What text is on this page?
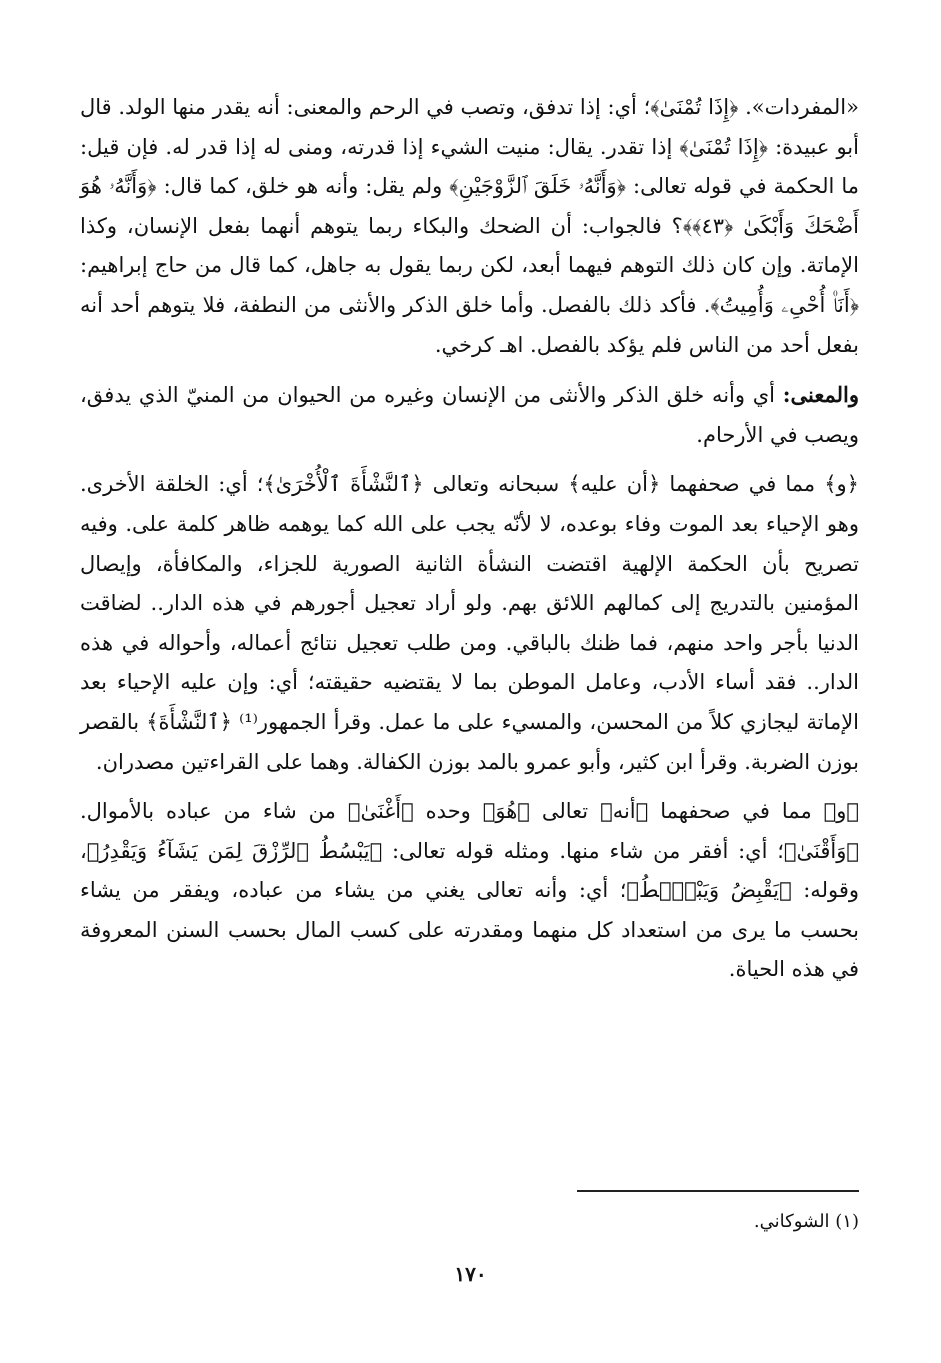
«المفردات». ﴿إِذَا تُمْنَىٰ﴾؛ أي: إذا تدفق، وتصب في الرحم والمعنى: أنه يقدر منها الولد. قال أبو عبيدة: ﴿إِذَا تُمْنَىٰ﴾ إذا تقدر. يقال: منيت الشيء إذا قدرته، ومنى له إذا قدر له. فإن قيل: ما الحكمة في قوله تعالى: ﴿وَأَنَّهُۥ خَلَقَ ٱلزَّوْجَيْنِ﴾ ولم يقل: وأنه هو خلق، كما قال: ﴿وَأَنَّهُۥ هُوَ أَضْحَكَ وَأَبْكَىٰ ﴿٤٣﴾﴾؟ فالجواب: أن الضحك والبكاء ربما يتوهم أنهما بفعل الإنسان، وكذا الإماتة. وإن كان ذلك التوهم فيهما أبعد، لكن ربما يقول به جاهل، كما قال من حاج إبراهيم: ﴿أَنَا۠ أُحْىِۦ وَأُمِيتُ﴾. فأكد ذلك بالفصل. وأما خلق الذكر والأنثى من النطفة، فلا يتوهم أحد أنه بفعل أحد من الناس فلم يؤكد بالفصل. اهـ كرخي.

والمعنى: أي وأنه خلق الذكر والأنثى من الإنسان وغيره من الحيوان من المنيّ الذي يدفق، ويصب في الأرحام.

﴿و﴾ مما في صحفهما ﴿أن عليه﴾ سبحانه وتعالى ﴿ٱلنَّشْأَةَ ٱلْأُخْرَىٰ﴾؛ أي: الخلقة الأخرى. وهو الإحياء بعد الموت وفاء بوعده، لا لأنّه يجب على الله كما يوهمه ظاهر كلمة على. وفيه تصريح بأن الحكمة الإلهية اقتضت النشأة الثانية الصورية للجزاء، والمكافأة، وإيصال المؤمنين بالتدريج إلى كمالهم اللائق بهم. ولو أراد تعجيل أجورهم في هذه الدار.. لضاقت الدنيا بأجر واحد منهم، فما ظنك بالباقي. ومن طلب تعجيل نتائج أعماله، وأحواله في هذه الدار.. فقد أساء الأدب، وعامل الموطن بما لا يقتضيه حقيقته؛ أي: وإن عليه الإحياء بعد الإماتة ليجازي كلاً من المحسن، والمسيء على ما عمل. وقرأ الجمهور⁽¹⁾ ﴿ٱلنَّشْأَةَ﴾ بالقصر بوزن الضربة. وقرأ ابن كثير، وأبو عمرو بالمد بوزن الكفالة. وهما على القراءتين مصدران.

﴿و﴾ مما في صحفهما ﴿أنه﴾ تعالى ﴿هُوَ﴾ وحده ﴿أَغْنَىٰ﴾ من شاء من عباده بالأموال. ﴿وَأَقْنَىٰ﴾؛ أي: أفقر من شاء منها. ومثله قوله تعالى: ﴿يَبْسُطُ ٱلرِّزْقَ لِمَن يَشَآءُ وَيَقْدِرُ﴾، وقوله: ﴿يَقْبِضُ وَيَبْصُۜطُ﴾؛ أي: وأنه تعالى يغني من يشاء من عباده، ويفقر من يشاء بحسب ما يرى من استعداد كل منهما ومقدرته على كسب المال بحسب السنن المعروفة في هذه الحياة.

(١) الشوكاني.
١٧٠
